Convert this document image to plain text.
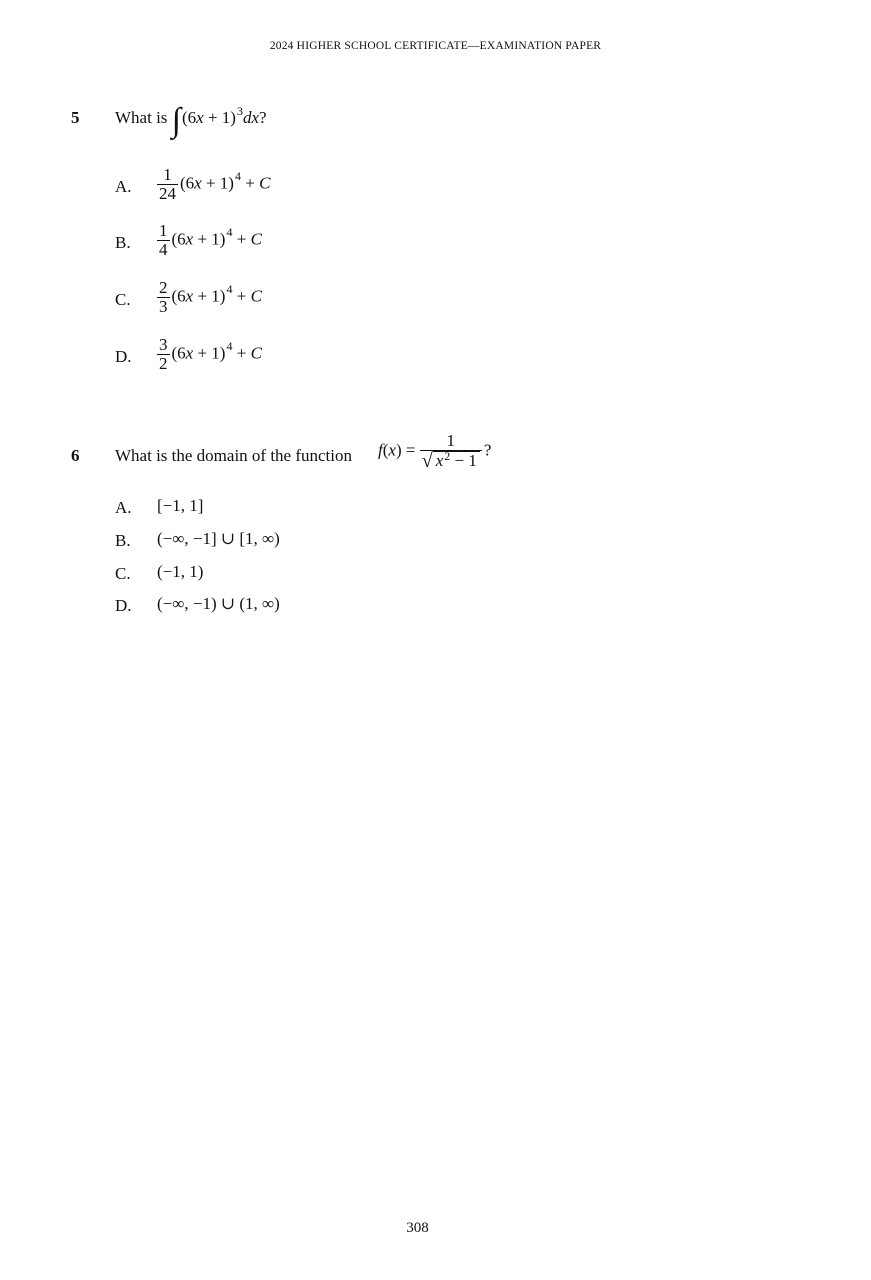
2024 HIGHER SCHOOL CERTIFICATE—EXAMINATION PAPER
5 What is $\int(6x + 1)^3dx$?
A. $\frac{1}{24} (6x + 1)^4 + C$
B. $\frac{1}{4} (6x + 1)^4 + C$
C. $\frac{2}{3} (6x + 1)^4 + C$
D. $\frac{3}{2} (6x + 1)^4 + C$
6 What is the domain of the function $f(x) = \frac{1}{√ x^2 - 1}$ ?
A. [−1, 1]
B. (−∞, −1] ∪ [1, ∞)
C. (−1, 1)
D. (−∞, −1) ∪ (1, ∞)
308
